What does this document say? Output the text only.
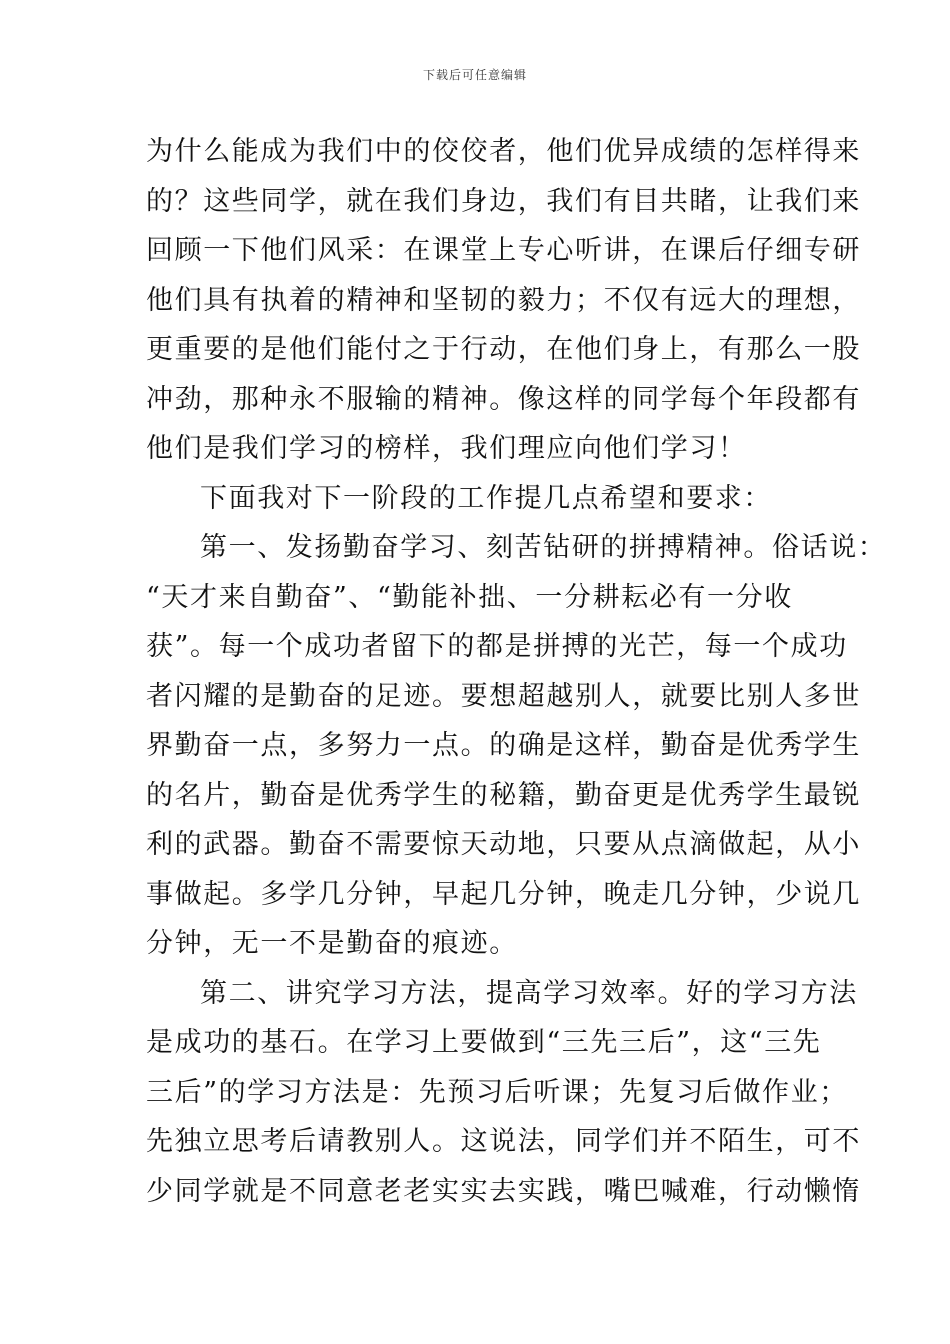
下载后可任意编辑
为什么能成为我们中的佼佼者，他们优异成绩的怎样得来
的？这些同学，就在我们身边，我们有目共睹，让我们来
回顾一下他们风采：在课堂上专心听讲，在课后仔细专研
他们具有执着的精神和坚韧的毅力；不仅有远大的理想，
更重要的是他们能付之于行动，在他们身上，有那么一股
冲劲，那种永不服输的精神。像这样的同学每个年段都有
他们是我们学习的榜样，我们理应向他们学习！
下面我对下一阶段的工作提几点希望和要求：
第一、发扬勤奋学习、刻苦钻研的拼搏精神。俗话说：
“天才来自勤奋”、“勤能补拙、一分耕耘必有一分收
获”。每一个成功者留下的都是拼搏的光芒，每一个成功
者闪耀的是勤奋的足迹。要想超越别人，就要比别人多世
界勤奋一点，多努力一点。的确是这样，勤奋是优秀学生
的名片，勤奋是优秀学生的秘籍，勤奋更是优秀学生最锐
利的武器。勤奋不需要惊天动地，只要从点滴做起，从小
事做起。多学几分钟，早起几分钟，晚走几分钟，少说几
分钟，无一不是勤奋的痕迹。
第二、讲究学习方法，提高学习效率。好的学习方法
是成功的基石。在学习上要做到“三先三后”，这“三先
三后”的学习方法是：先预习后听课；先复习后做作业；
先独立思考后请教别人。这说法，同学们并不陌生，可不
少同学就是不同意老老实实去实践，嘴巴喊难，行动懒惰
